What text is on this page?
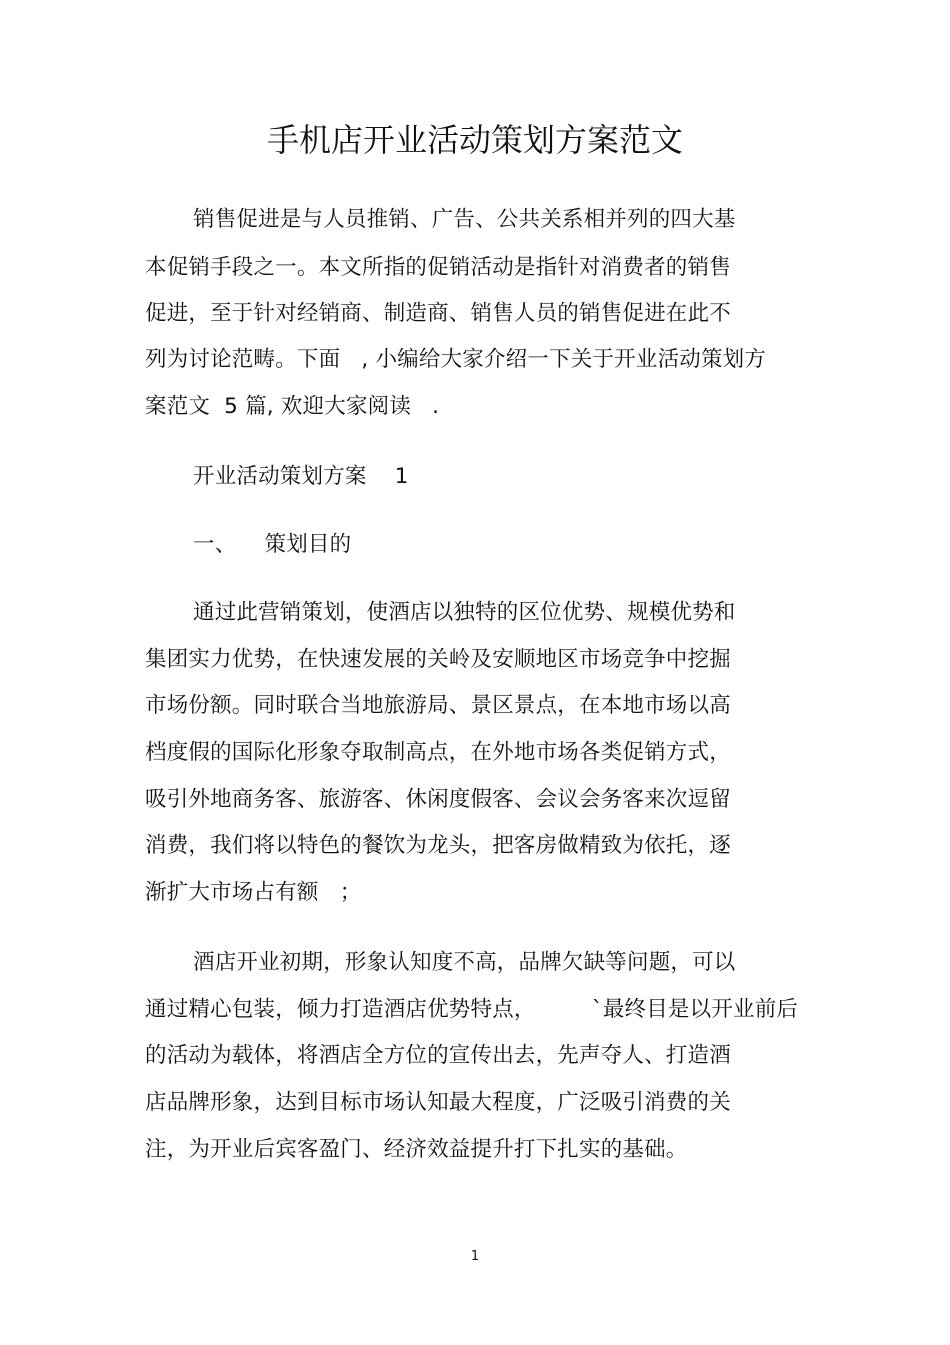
手机店开业活动策划方案范文
销售促进是与人员推销、广告、公共关系相并列的四大基
本促销手段之一。本文所指的促销活动是指针对消费者的销售
促进，至于针对经销商、制造商、销售人员的销售促进在此不
列为讨论范畴。下面   , 小编给大家介绍一下关于开业活动策划方
案范文  5 篇, 欢迎大家阅读   .
开业活动策划方案    1
一、    策划目的
通过此营销策划，使酒店以独特的区位优势、规模优势和
集团实力优势，在快速发展的关岭及安顺地区市场竞争中挖掘
市场份额。同时联合当地旅游局、景区景点，在本地市场以高
档度假的国际化形象夺取制高点，在外地市场各类促销方式，
吸引外地商务客、旅游客、休闲度假客、会议会务客来次逗留
消费，我们将以特色的餐饮为龙头，把客房做精致为依托，逐
渐扩大市场占有额   ；
酒店开业初期，形象认知度不高，品牌欠缺等问题，可以
通过精心包装，倾力打造酒店优势特点，        `最终目是以开业前后
的活动为载体，将酒店全方位的宣传出去，先声夺人、打造酒
店品牌形象，达到目标市场认知最大程度，广泛吸引消费的关
注，为开业后宾客盈门、经济效益提升打下扎实的基础。
1
